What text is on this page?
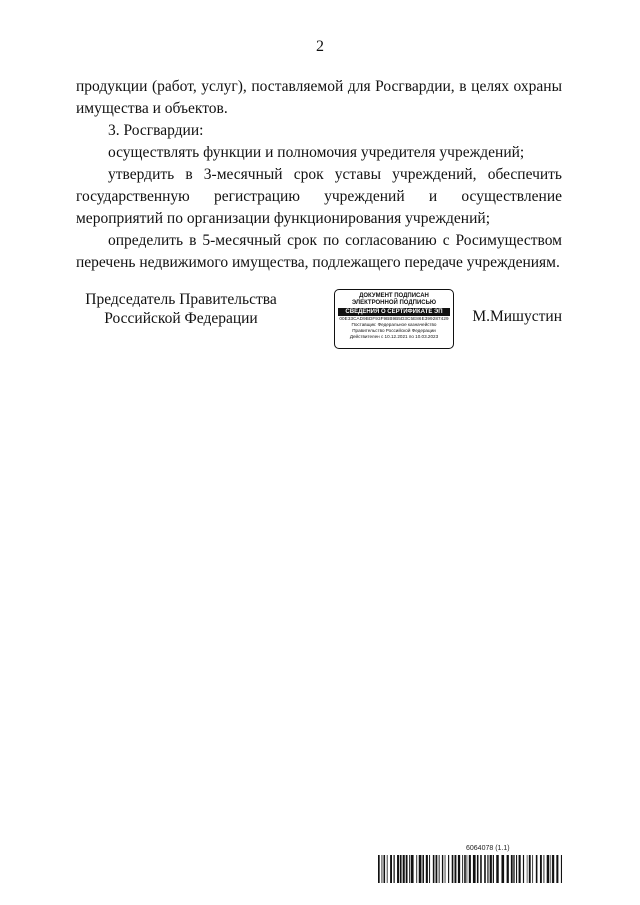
2

продукции (работ, услуг), поставляемой для Росгвардии, в целях охраны имущества и объектов.

3. Росгвардии:

осуществлять функции и полномочия учредителя учреждений;

утвердить в 3-месячный срок уставы учреждений, обеспечить государственную регистрацию учреждений и осуществление мероприятий по организации функционирования учреждений;

определить в 5-месячный срок по согласованию с Росимуществом перечень недвижимого имущества, подлежащего передаче учреждениям.

Председатель Правительства
Российской Федерации
ДОКУМЕНТ ПОДПИСАН
ЭЛЕКТРОННОЙ ПОДПИСЬЮ
СВЕДЕНИЯ О СЕРТИФИКАТЕ ЭП
00E33CAD9BDF93F9BB9B5D3C5E86E399287429
Поставщик: Федеральное казначейство
Правительство Российской Федерации
Действителен с 10.12.2021 по 10.03.2023
М.Мишустин
6064078 (1.1)
